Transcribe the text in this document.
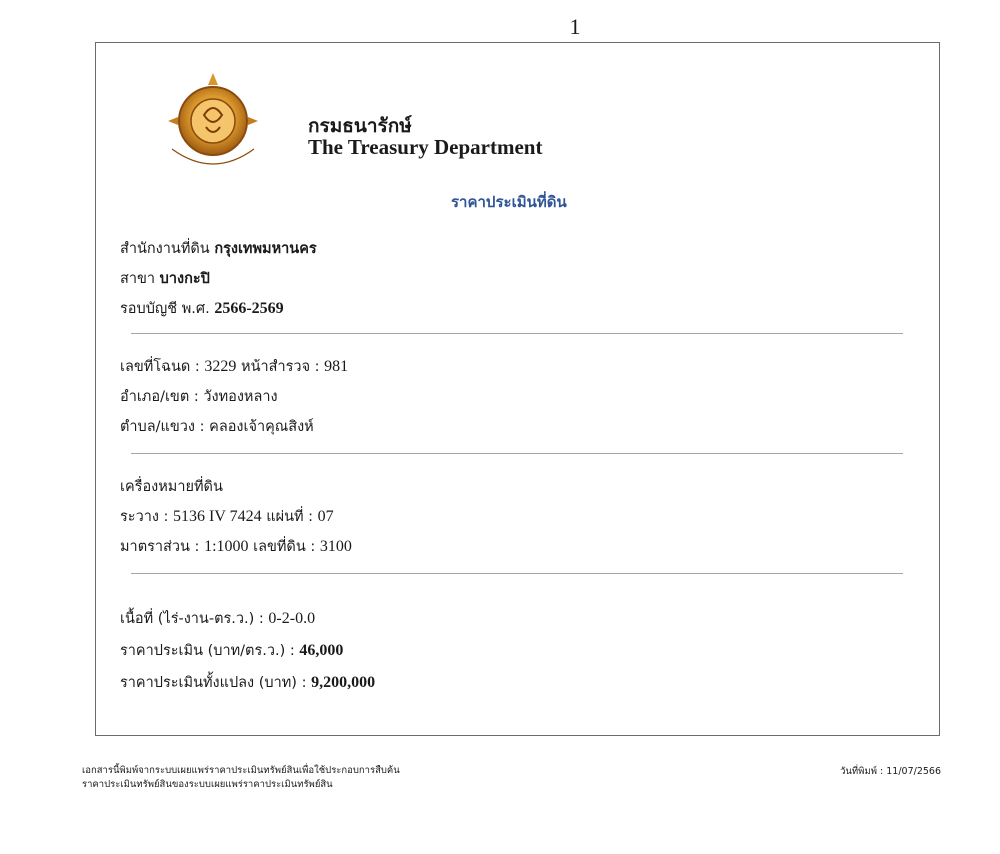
1
กรมธนารักษ์
The Treasury Department
ราคาประเมินที่ดิน
สำนักงานที่ดิน กรุงเทพมหานคร
สาขา บางกะปิ
รอบบัญชี พ.ศ. 2566-2569
เลขที่โฉนด : 3229 หน้าสำรวจ : 981
อำเภอ/เขต : วังทองหลาง
ตำบล/แขวง : คลองเจ้าคุณสิงห์
เครื่องหมายที่ดิน
ระวาง : 5136 IV 7424 แผ่นที่ : 07
มาตราส่วน : 1:1000 เลขที่ดิน : 3100
เนื้อที่ (ไร่-งาน-ตร.ว.) : 0-2-0.0
ราคาประเมิน (บาท/ตร.ว.) : 46,000
ราคาประเมินทั้งแปลง (บาท) : 9,200,000
เอกสารนี้พิมพ์จากระบบเผยแพร่ราคาประเมินทรัพย์สินเพื่อใช้ประกอบการสืบค้น
ราคาประเมินทรัพย์สินของระบบเผยแพร่ราคาประเมินทรัพย์สิน
วันที่พิมพ์ : 11/07/2566
